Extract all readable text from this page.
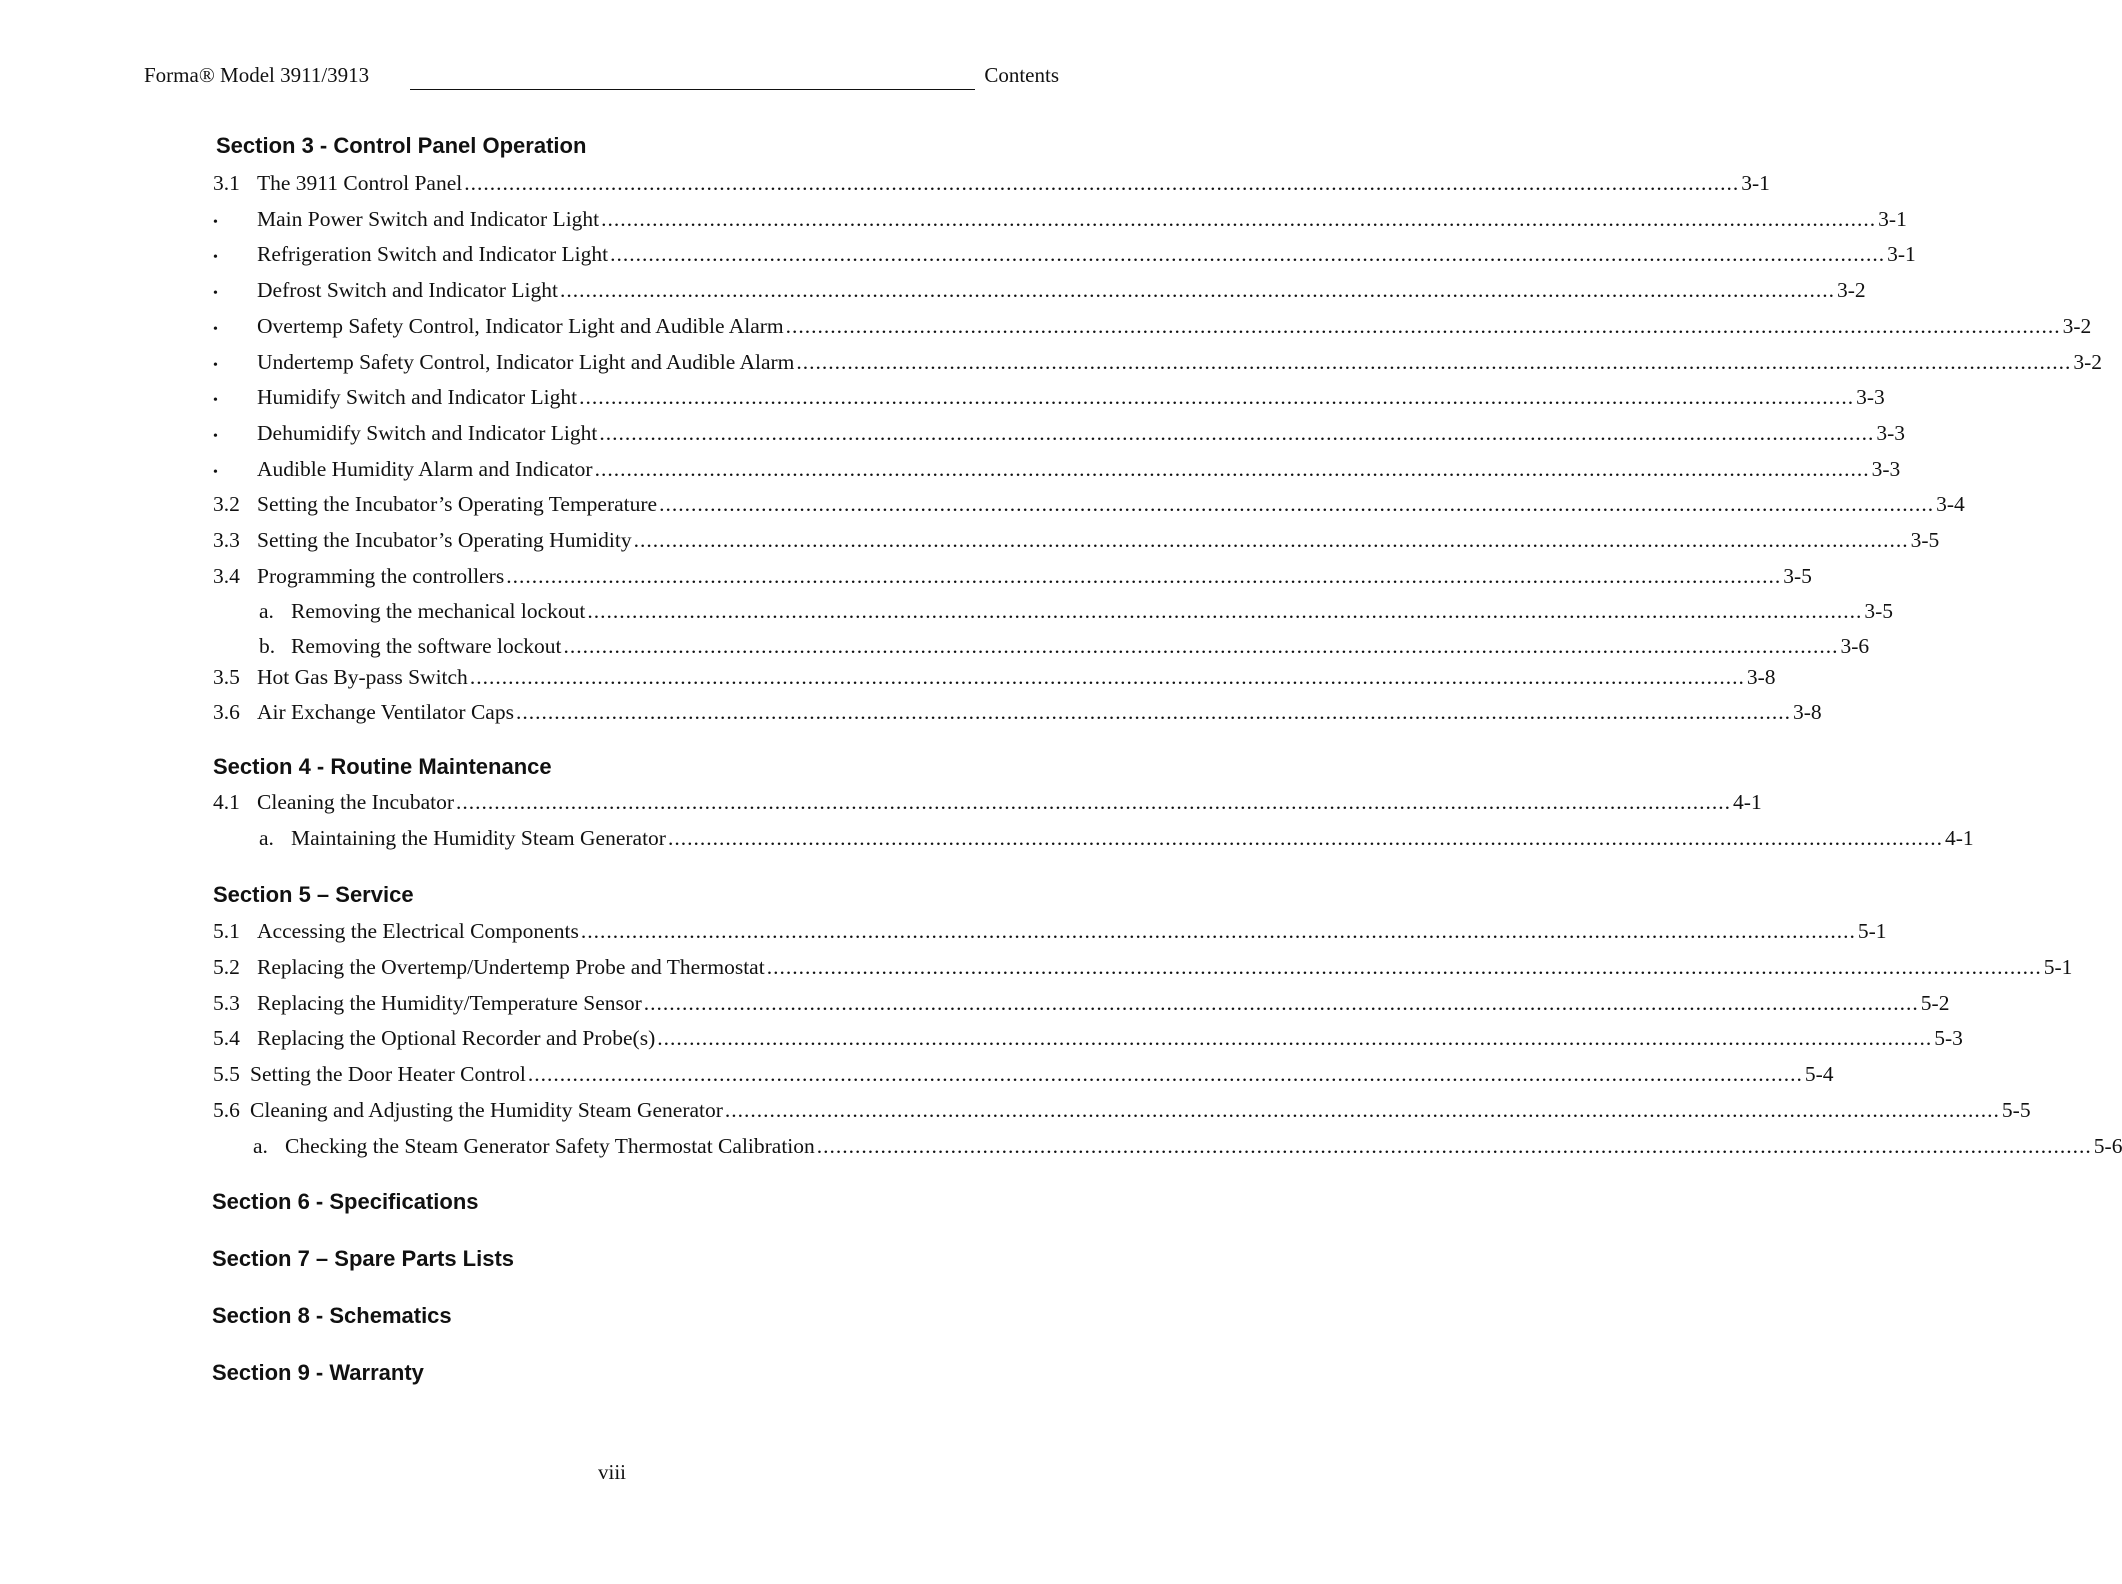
Forma® Model 3911/3913	Contents
Section 3 - Control Panel Operation
3.1 The 3911 Control Panel ........................................................................................................................................................................................................ 3-1
•	Main Power Switch and Indicator Light ........................................................................................................................................................................................................ 3-1
•	Refrigeration Switch and Indicator Light ........................................................................................................................................................................................................ 3-1
•	Defrost Switch and Indicator Light ........................................................................................................................................................................................................ 3-2
•	Overtemp Safety Control, Indicator Light and Audible Alarm ........................................................................................................................................................................................................ 3-2
•	Undertemp Safety Control, Indicator Light and Audible Alarm ........................................................................................................................................................................................................ 3-2
•	Humidify Switch and Indicator Light ........................................................................................................................................................................................................ 3-3
•	Dehumidify Switch and Indicator Light ........................................................................................................................................................................................................ 3-3
•	Audible Humidity Alarm and Indicator ........................................................................................................................................................................................................ 3-3
3.2 Setting the Incubator’s Operating Temperature ........................................................................................................................................................................................................ 3-4
3.3 Setting the Incubator’s Operating Humidity ........................................................................................................................................................................................................ 3-5
3.4 Programming the controllers ........................................................................................................................................................................................................ 3-5
a. Removing the mechanical lockout ........................................................................................................................................................................................................ 3-5
b. Removing the software lockout ........................................................................................................................................................................................................ 3-6
3.5 Hot Gas By-pass Switch ........................................................................................................................................................................................................ 3-8
3.6 Air Exchange Ventilator Caps ........................................................................................................................................................................................................ 3-8
Section 4 - Routine Maintenance
4.1 Cleaning the Incubator ........................................................................................................................................................................................................ 4-1
a. Maintaining the Humidity Steam Generator ........................................................................................................................................................................................................ 4-1
Section 5 – Service
5.1 Accessing the Electrical Components ........................................................................................................................................................................................................ 5-1
5.2 Replacing the Overtemp/Undertemp Probe and Thermostat ........................................................................................................................................................................................................ 5-1
5.3 Replacing the Humidity/Temperature Sensor ........................................................................................................................................................................................................ 5-2
5.4 Replacing the Optional Recorder and Probe(s) ........................................................................................................................................................................................................ 5-3
5.5 Setting the Door Heater Control ........................................................................................................................................................................................................ 5-4
5.6 Cleaning and Adjusting the Humidity Steam Generator ........................................................................................................................................................................................................ 5-5
a. Checking the Steam Generator Safety Thermostat Calibration ........................................................................................................................................................................................................ 5-6
Section 6 - Specifications
Section 7 – Spare Parts Lists
Section 8 - Schematics
Section 9 - Warranty
viii
